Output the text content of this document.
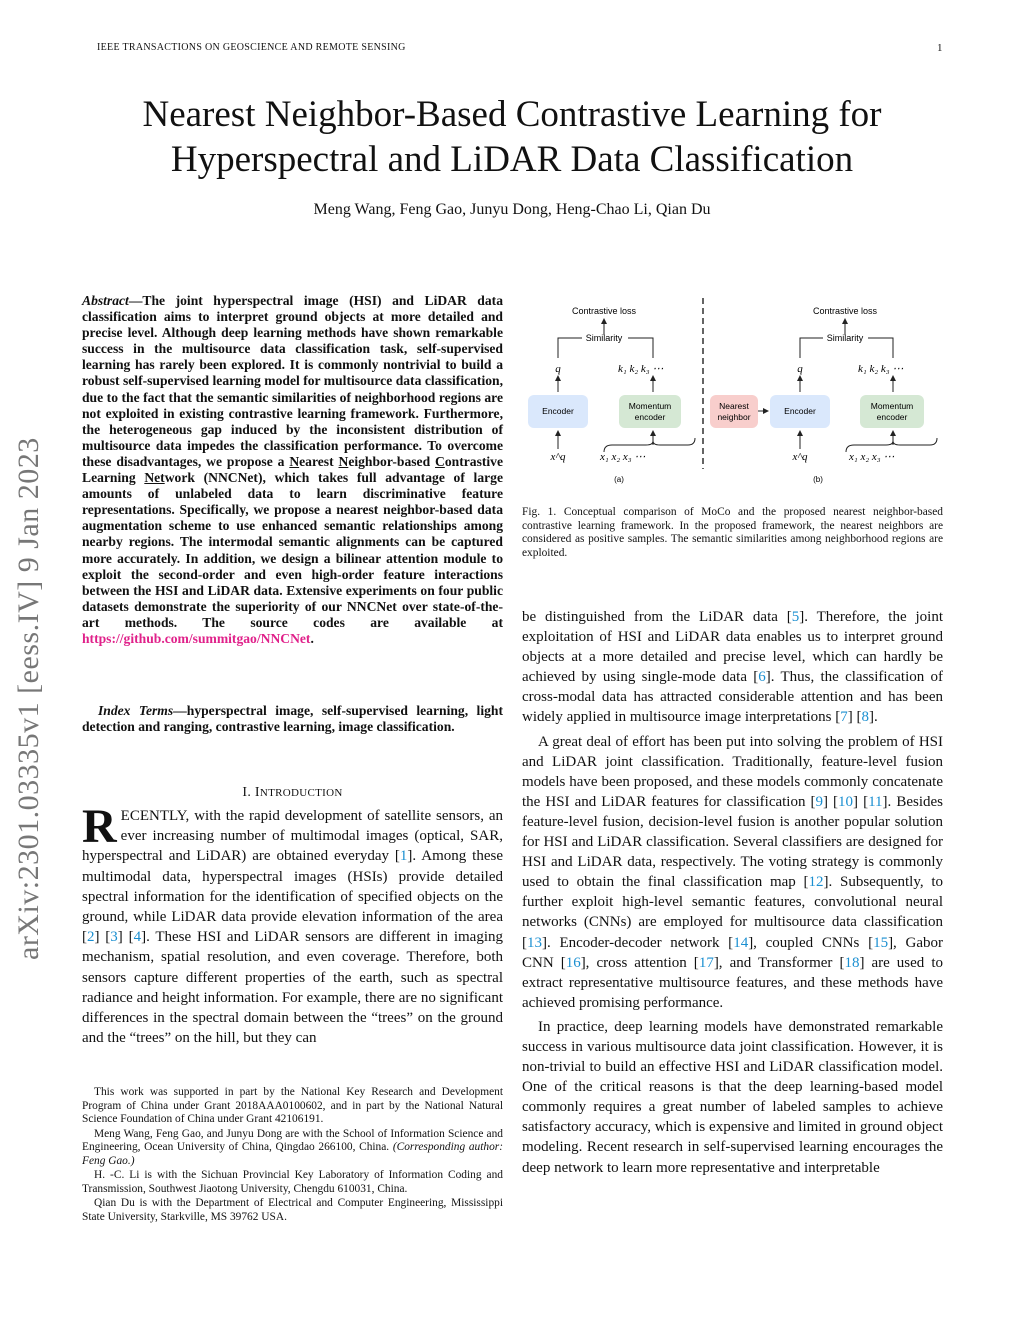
IEEE TRANSACTIONS ON GEOSCIENCE AND REMOTE SENSING	1
Nearest Neighbor-Based Contrastive Learning for
Hyperspectral and LiDAR Data Classification
Meng Wang, Feng Gao, Junyu Dong, Heng-Chao Li, Qian Du
arXiv:2301.03335v1 [eess.IV] 9 Jan 2023
Abstract—The joint hyperspectral image (HSI) and LiDAR data classification aims to interpret ground objects at more detailed and precise level. Although deep learning methods have shown remarkable success in the multisource data classification task, self-supervised learning has rarely been explored. It is commonly nontrivial to build a robust self-supervised learning model for multisource data classification, due to the fact that the semantic similarities of neighborhood regions are not exploited in existing contrastive learning framework. Furthermore, the heterogeneous gap induced by the inconsistent distribution of multisource data impedes the classification performance. To overcome these disadvantages, we propose a Nearest Neighbor-based Contrastive Learning Network (NNCNet), which takes full advantage of large amounts of unlabeled data to learn discriminative feature representations. Specifically, we propose a nearest neighbor-based data augmentation scheme to use enhanced semantic relationships among nearby regions. The intermodal semantic alignments can be captured more accurately. In addition, we design a bilinear attention module to exploit the second-order and even high-order feature interactions between the HSI and LiDAR data. Extensive experiments on four public datasets demonstrate the superiority of our NNCNet over state-of-the-art methods. The source codes are available at https://github.com/summitgao/NNCNet.
Index Terms—hyperspectral image, self-supervised learning, light detection and ranging, contrastive learning, image classification.
I. INTRODUCTION
RECENTLY, with the rapid development of satellite sensors, an ever increasing number of multimodal images (optical, SAR, hyperspectral and LiDAR) are obtained everyday [1]. Among these multimodal data, hyperspectral images (HSIs) provide detailed spectral information for the identification of specified objects on the ground, while LiDAR data provide elevation information of the area [2] [3] [4]. These HSI and LiDAR sensors are different in imaging mechanism, spatial resolution, and even coverage. Therefore, both sensors capture different properties of the earth, such as spectral radiance and height information. For example, there are no significant differences in the spectral domain between the “trees” on the ground and the “trees” on the hill, but they can

This work was supported in part by the National Key Research and Development Program of China under Grant 2018AAA0100602, and in part by the National Natural Science Foundation of China under Grant 42106191.

Meng Wang, Feng Gao, and Junyu Dong are with the School of Information Science and Engineering, Ocean University of China, Qingdao 266100, China. (Corresponding author: Feng Gao.)

H. -C. Li is with the Sichuan Provincial Key Laboratory of Information Coding and Transmission, Southwest Jiaotong University, Chengdu 610031, China.

Qian Du is with the Department of Electrical and Computer Engineering, Mississippi State University, Starkville, MS 39762 USA.

Contrastive loss
Similarity
q	k₁ k₂ k₃ ⋯
Encoder	Momentum
encoder
x^q	x₁ x₂ x₃ ⋯
(a)
Contrastive loss
Similarity
q	k₁ k₂ k₃ ⋯
Nearest
neighbor
Encoder	Momentum
encoder
x^q	x₁ x₂ x₃ ⋯
(b)
Fig. 1. Conceptual comparison of MoCo and the proposed nearest neighbor-based contrastive learning framework. In the proposed framework, the nearest neighbors are considered as positive samples. The semantic similarities among neighborhood regions are exploited.

be distinguished from the LiDAR data [5]. Therefore, the joint exploitation of HSI and LiDAR data enables us to interpret ground objects at a more detailed and precise level, which can hardly be achieved by using single-mode data [6]. Thus, the classification of cross-modal data has attracted considerable attention and has been widely applied in multisource image interpretations [7] [8].

A great deal of effort has been put into solving the problem of HSI and LiDAR joint classification. Traditionally, feature-level fusion models have been proposed, and these models commonly concatenate the HSI and LiDAR features for classification [9] [10] [11]. Besides feature-level fusion, decision-level fusion is another popular solution for HSI and LiDAR classification. Several classifiers are designed for HSI and LiDAR data, respectively. The voting strategy is commonly used to obtain the final classification map [12]. Subsequently, to further exploit high-level semantic features, convolutional neural networks (CNNs) are employed for multisource data classification [13]. Encoder-decoder network [14], coupled CNNs [15], Gabor CNN [16], cross attention [17], and Transformer [18] are used to extract representative multisource features, and these methods have achieved promising performance.

In practice, deep learning models have demonstrated remarkable success in various multisource data joint classification. However, it is non-trivial to build an effective HSI and LiDAR classification model. One of the critical reasons is that the deep learning-based model commonly requires a great number of labeled samples to achieve satisfactory accuracy, which is expensive and limited in ground object modeling. Recent research in self-supervised learning encourages the deep network to learn more representative and interpretable
